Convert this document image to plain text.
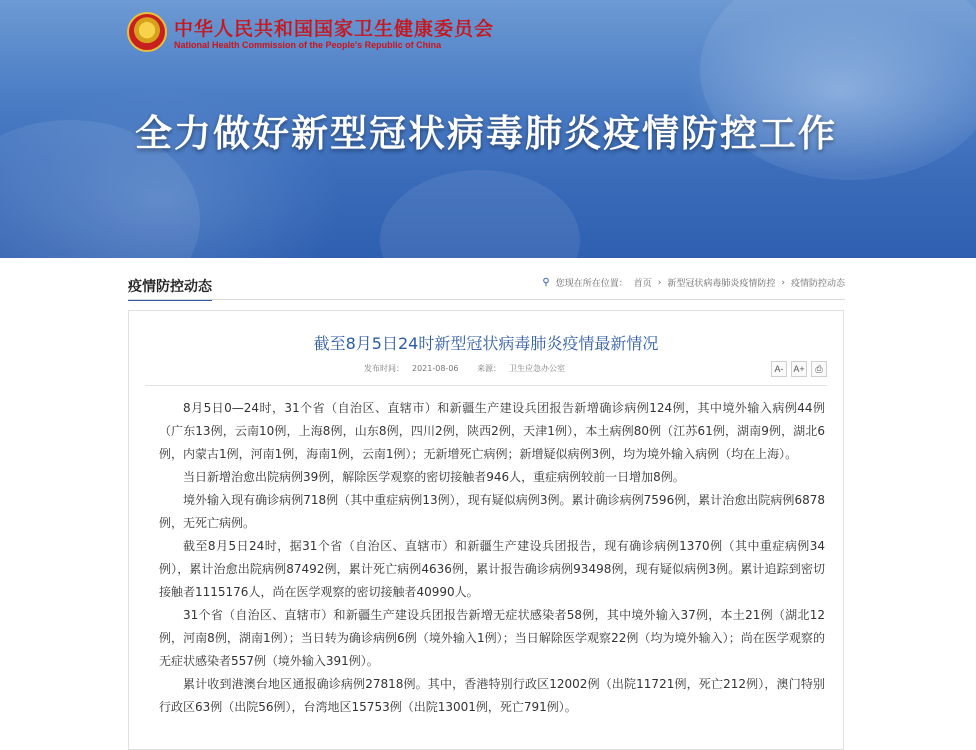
★ 中华人民共和国国家卫生健康委员会
National Health Commission of the People's Republic of China
全力做好新型冠状病毒肺炎疫情防控工作
疫情防控动态	⚲ 您现在所在位置： 首页 › 新型冠状病毒肺炎疫情防控 › 疫情防控动态
截至8月5日24时新型冠状病毒肺炎疫情最新情况
发布时间： 2021-08-06 来源： 卫生应急办公室	A-	A+	⎙

8月5日0—24时，31个省（自治区、直辖市）和新疆生产建设兵团报告新增确诊病例124例，其中境外输入病例44例（广东13例，云南10例，上海8例，山东8例，四川2例，陕西2例，天津1例），本土病例80例（江苏61例，湖南9例，湖北6例，内蒙古1例，河南1例，海南1例，云南1例）；无新增死亡病例；新增疑似病例3例，均为境外输入病例（均在上海）。

当日新增治愈出院病例39例，解除医学观察的密切接触者946人，重症病例较前一日增加8例。

境外输入现有确诊病例718例（其中重症病例13例），现有疑似病例3例。累计确诊病例7596例，累计治愈出院病例6878例，无死亡病例。

截至8月5日24时，据31个省（自治区、直辖市）和新疆生产建设兵团报告，现有确诊病例1370例（其中重症病例34例），累计治愈出院病例87492例，累计死亡病例4636例，累计报告确诊病例93498例，现有疑似病例3例。累计追踪到密切接触者1115176人，尚在医学观察的密切接触者40990人。

31个省（自治区、直辖市）和新疆生产建设兵团报告新增无症状感染者58例，其中境外输入37例，本土21例（湖北12例，河南8例，湖南1例）；当日转为确诊病例6例（境外输入1例）；当日解除医学观察22例（均为境外输入）；尚在医学观察的无症状感染者557例（境外输入391例）。

累计收到港澳台地区通报确诊病例27818例。其中，香港特别行政区12002例（出院11721例，死亡212例），澳门特别行政区63例（出院56例），台湾地区15753例（出院13001例，死亡791例）。
